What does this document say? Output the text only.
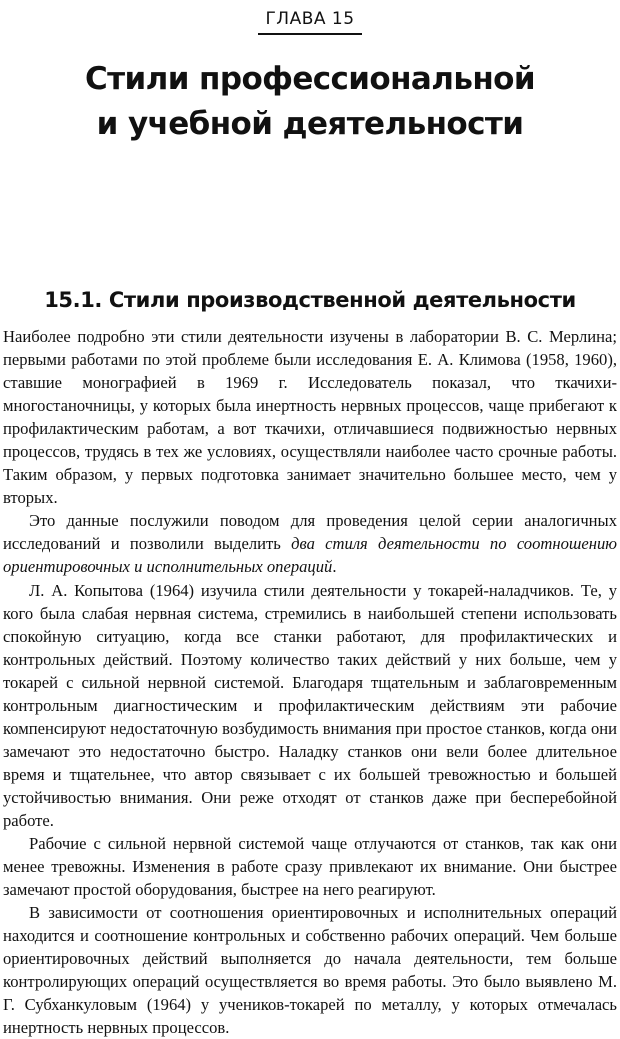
ГЛАВА 15
Стили профессиональной
и учебной деятельности
15.1. Стили производственной деятельности

Наиболее подробно эти стили деятельности изучены в лаборатории В. С. Мерлина; первыми работами по этой проблеме были исследования Е. А. Климова (1958, 1960), ставшие монографией в 1969 г. Исследователь показал, что ткачихи-многостаночницы, у которых была инертность нервных процессов, чаще прибегают к профилактическим работам, а вот ткачихи, отличавшиеся подвижностью нервных процессов, трудясь в тех же условиях, осуществляли наиболее часто срочные работы. Таким образом, у первых подготовка занимает значительно большее место, чем у вторых.

Это данные послужили поводом для проведения целой серии аналогичных исследований и позволили выделить два стиля деятельности по соотношению ориентировочных и исполнительных операций.

Л. А. Копытова (1964) изучила стили деятельности у токарей-наладчиков. Те, у кого была слабая нервная система, стремились в наибольшей степени использовать спокойную ситуацию, когда все станки работают, для профилактических и контрольных действий. Поэтому количество таких действий у них больше, чем у токарей с сильной нервной системой. Благодаря тщательным и заблаговременным контрольным диагностическим и профилактическим действиям эти рабочие компенсируют недостаточную возбудимость внимания при простое станков, когда они замечают это недостаточно быстро. Наладку станков они вели более длительное время и тщательнее, что автор связывает с их большей тревожностью и большей устойчивостью внимания. Они реже отходят от станков даже при бесперебойной работе.

Рабочие с сильной нервной системой чаще отлучаются от станков, так как они менее тревожны. Изменения в работе сразу привлекают их внимание. Они быстрее замечают простой оборудования, быстрее на него реагируют.

В зависимости от соотношения ориентировочных и исполнительных операций находится и соотношение контрольных и собственно рабочих операций. Чем больше ориентировочных действий выполняется до начала деятельности, тем больше контролирующих операций осуществляется во время работы. Это было выявлено М. Г. Субханкуловым (1964) у учеников-токарей по металлу, у которых отмечалась инертность нервных процессов.
